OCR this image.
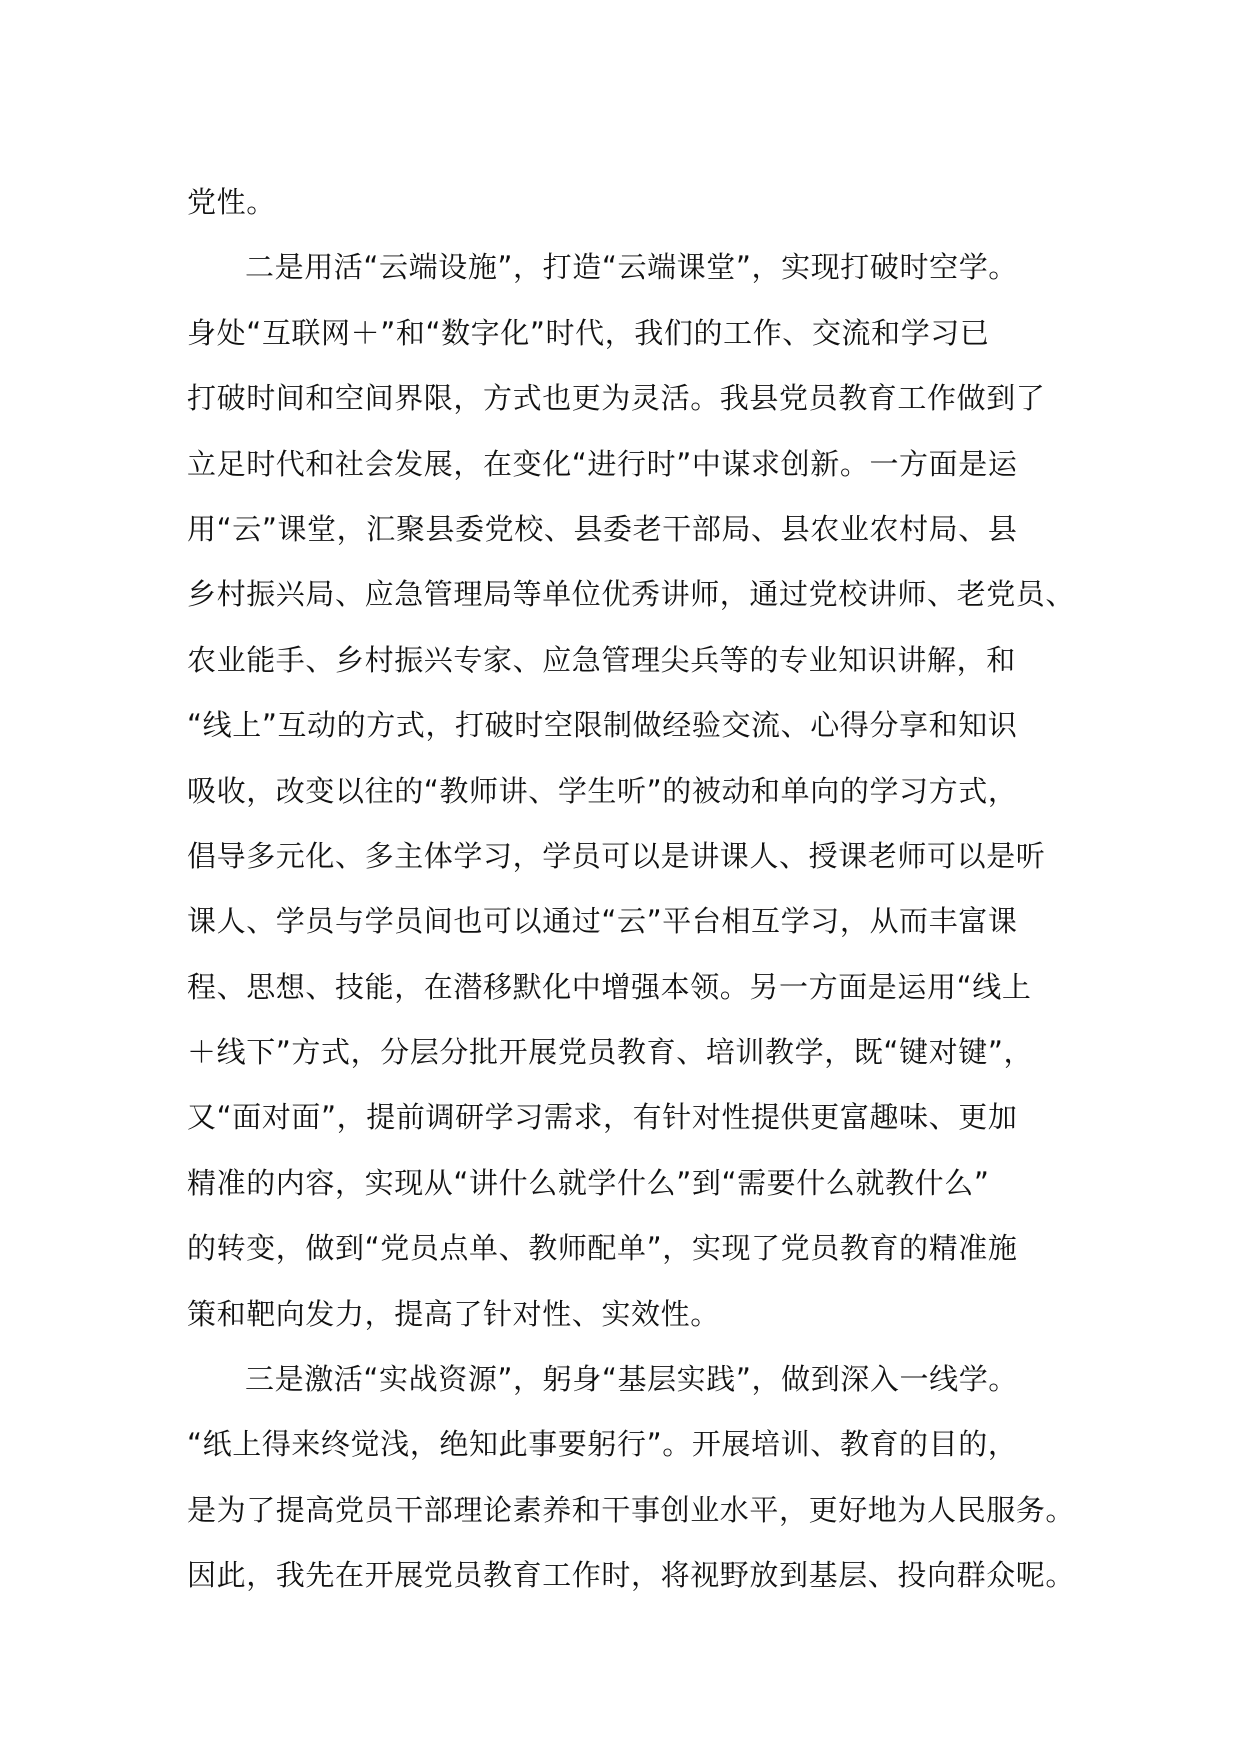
党性。
二是用活“云端设施”，打造“云端课堂”，实现打破时空学。
身处“互联网＋”和“数字化”时代，我们的工作、交流和学习已
打破时间和空间界限，方式也更为灵活。我县党员教育工作做到了
立足时代和社会发展，在变化“进行时”中谋求创新。一方面是运
用“云”课堂，汇聚县委党校、县委老干部局、县农业农村局、县
乡村振兴局、应急管理局等单位优秀讲师，通过党校讲师、老党员、
农业能手、乡村振兴专家、应急管理尖兵等的专业知识讲解，和
“线上”互动的方式，打破时空限制做经验交流、心得分享和知识
吸收，改变以往的“教师讲、学生听”的被动和单向的学习方式，
倡导多元化、多主体学习，学员可以是讲课人、授课老师可以是听
课人、学员与学员间也可以通过“云”平台相互学习，从而丰富课
程、思想、技能，在潜移默化中增强本领。另一方面是运用“线上
＋线下”方式，分层分批开展党员教育、培训教学，既“键对键”，
又“面对面”，提前调研学习需求，有针对性提供更富趣味、更加
精准的内容，实现从“讲什么就学什么”到“需要什么就教什么”
的转变，做到“党员点单、教师配单”，实现了党员教育的精准施
策和靶向发力，提高了针对性、实效性。
三是激活“实战资源”，躬身“基层实践”，做到深入一线学。
“纸上得来终觉浅，绝知此事要躬行”。开展培训、教育的目的，
是为了提高党员干部理论素养和干事创业水平，更好地为人民服务。
因此，我先在开展党员教育工作时，将视野放到基层、投向群众呢。
